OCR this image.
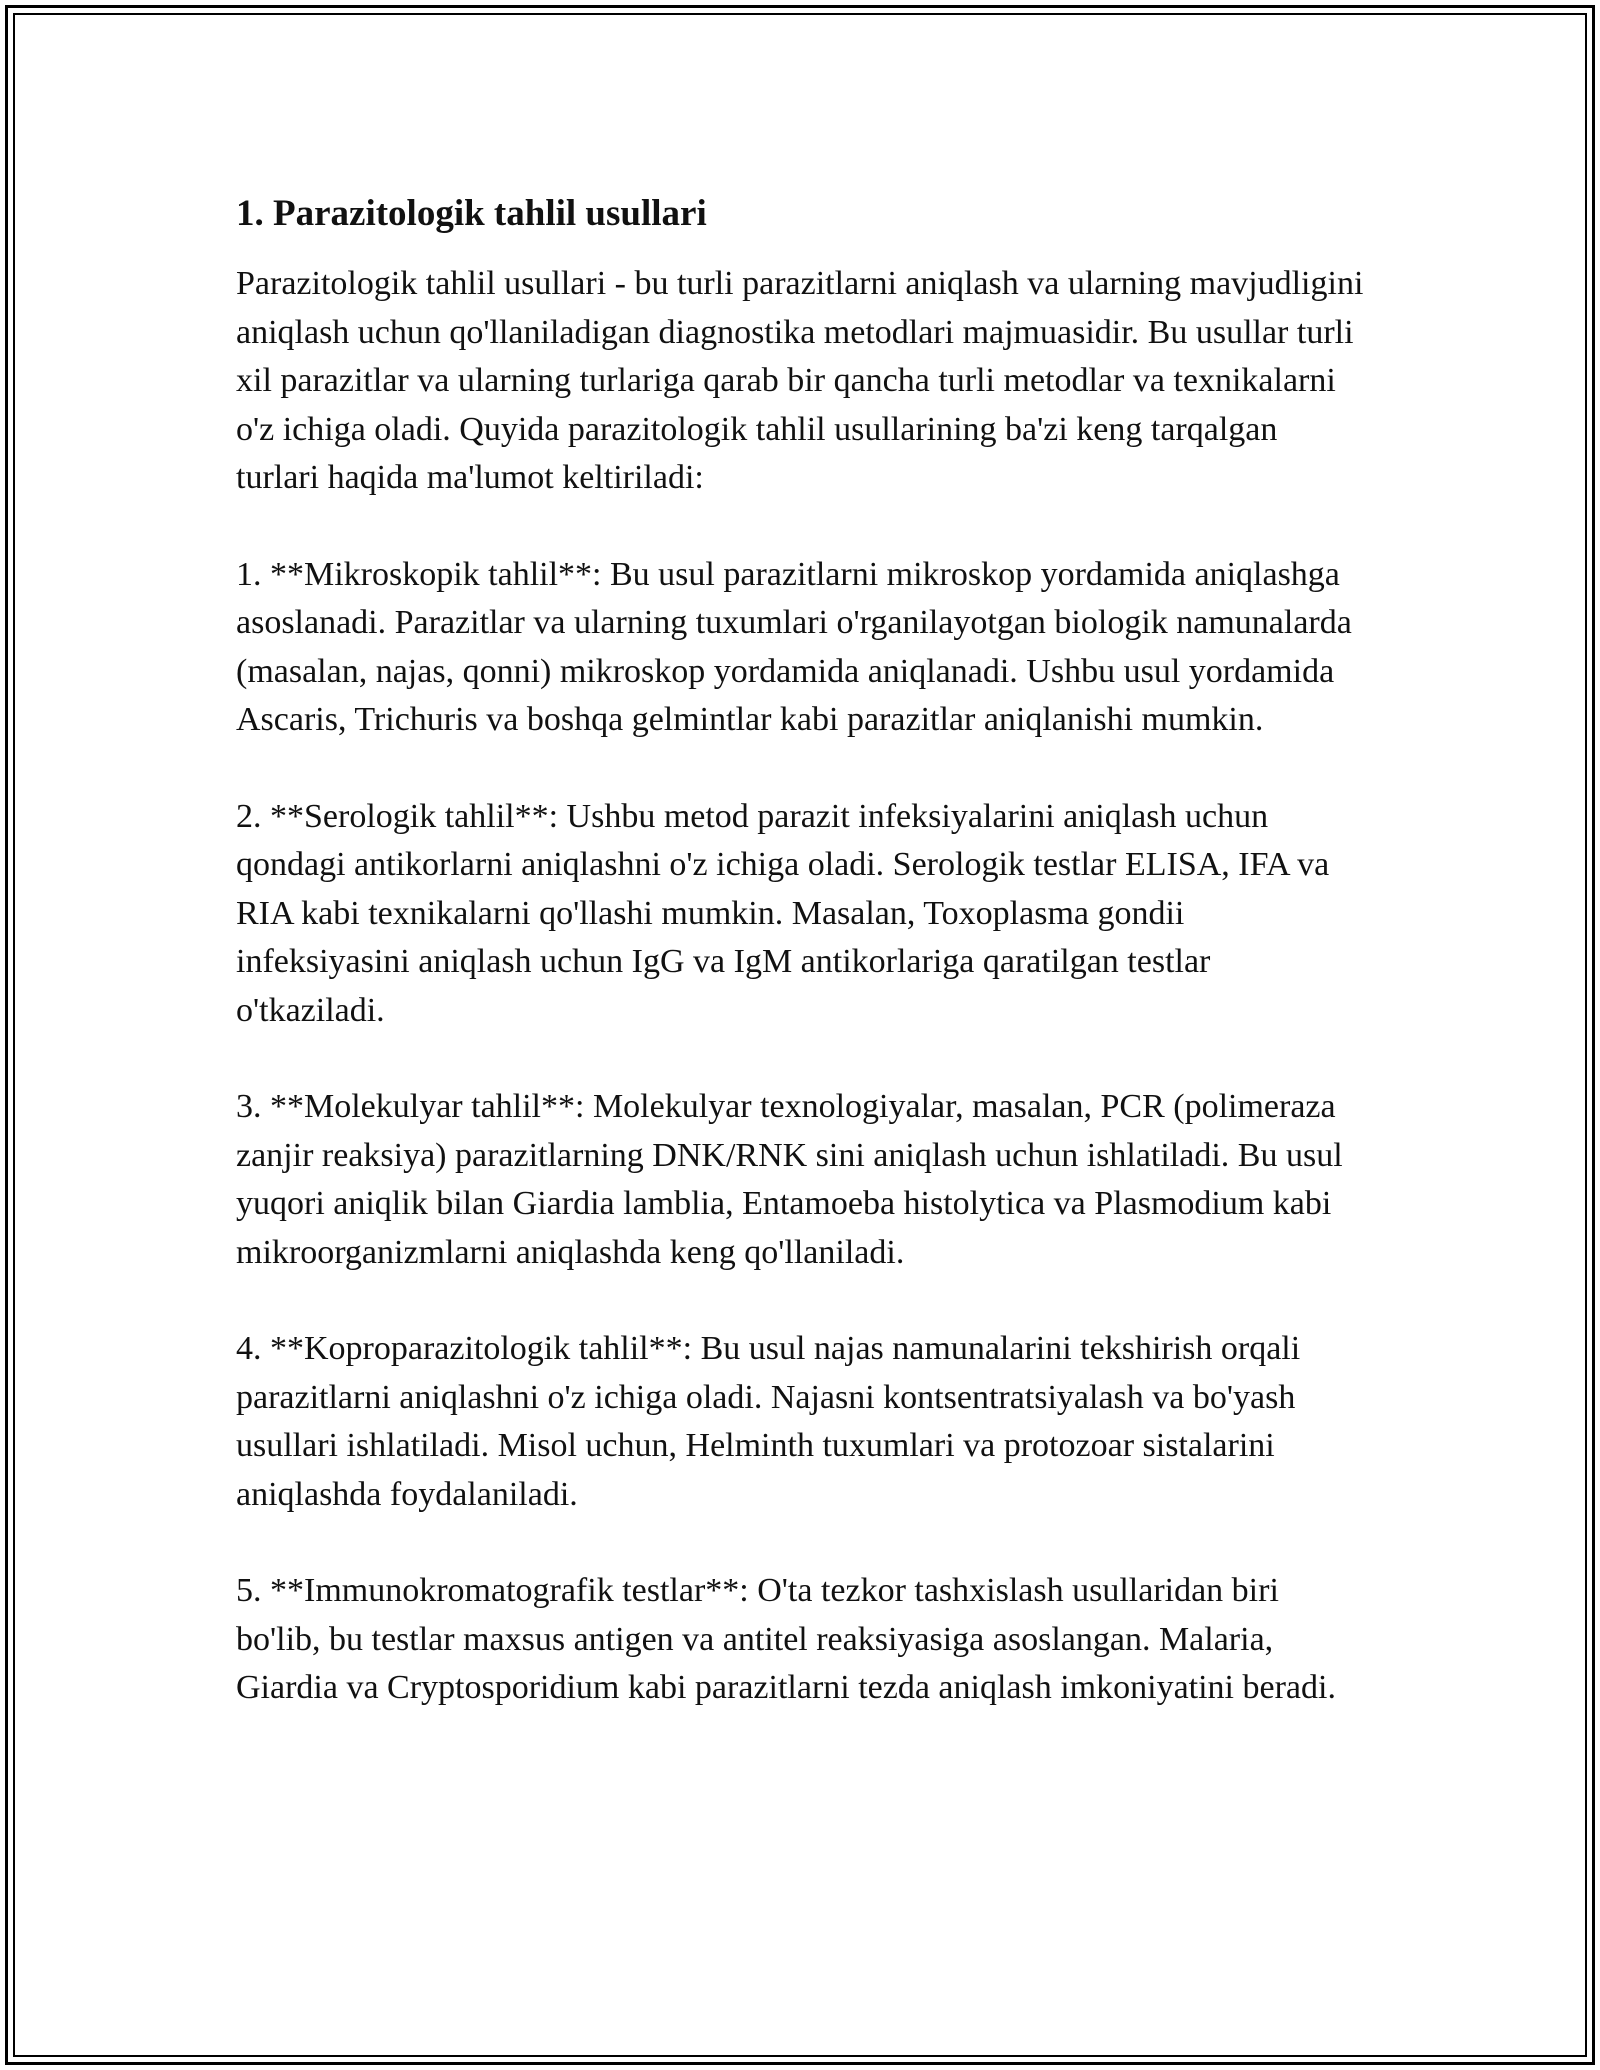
1. Parazitologik tahlil usullari

Parazitologik tahlil usullari - bu turli parazitlarni aniqlash va ularning mavjudligini aniqlash uchun qo'llaniladigan diagnostika metodlari majmuasidir. Bu usullar turli xil parazitlar va ularning turlariga qarab bir qancha turli metodlar va texnikalarni o'z ichiga oladi. Quyida parazitologik tahlil usullarining ba'zi keng tarqalgan turlari haqida ma'lumot keltiriladi:

1. **Mikroskopik tahlil**: Bu usul parazitlarni mikroskop yordamida aniqlashga asoslanadi. Parazitlar va ularning tuxumlari o'rganilayotgan biologik namunalarda (masalan, najas, qonni) mikroskop yordamida aniqlanadi. Ushbu usul yordamida Ascaris, Trichuris va boshqa gelmintlar kabi parazitlar aniqlanishi mumkin.

2. **Serologik tahlil**: Ushbu metod parazit infeksiyalarini aniqlash uchun qondagi antikorlarni aniqlashni o'z ichiga oladi. Serologik testlar ELISA, IFA va RIA kabi texnikalarni qo'llashi mumkin. Masalan, Toxoplasma gondii infeksiyasini aniqlash uchun IgG va IgM antikorlariga qaratilgan testlar o'tkaziladi.

3. **Molekulyar tahlil**: Molekulyar texnologiyalar, masalan, PCR (polimeraza zanjir reaksiya) parazitlarning DNK/RNK sini aniqlash uchun ishlatiladi. Bu usul yuqori aniqlik bilan Giardia lamblia, Entamoeba histolytica va Plasmodium kabi mikroorganizmlarni aniqlashda keng qo'llaniladi.

4. **Koproparazitologik tahlil**: Bu usul najas namunalarini tekshirish orqali parazitlarni aniqlashni o'z ichiga oladi. Najasni kontsentratsiyalash va bo'yash usullari ishlatiladi. Misol uchun, Helminth tuxumlari va protozoar sistalarini aniqlashda foydalaniladi.

5. **Immunokromatografik testlar**: O'ta tezkor tashxislash usullaridan biri bo'lib, bu testlar maxsus antigen va antitel reaksiyasiga asoslangan. Malaria, Giardia va Cryptosporidium kabi parazitlarni tezda aniqlash imkoniyatini beradi.
